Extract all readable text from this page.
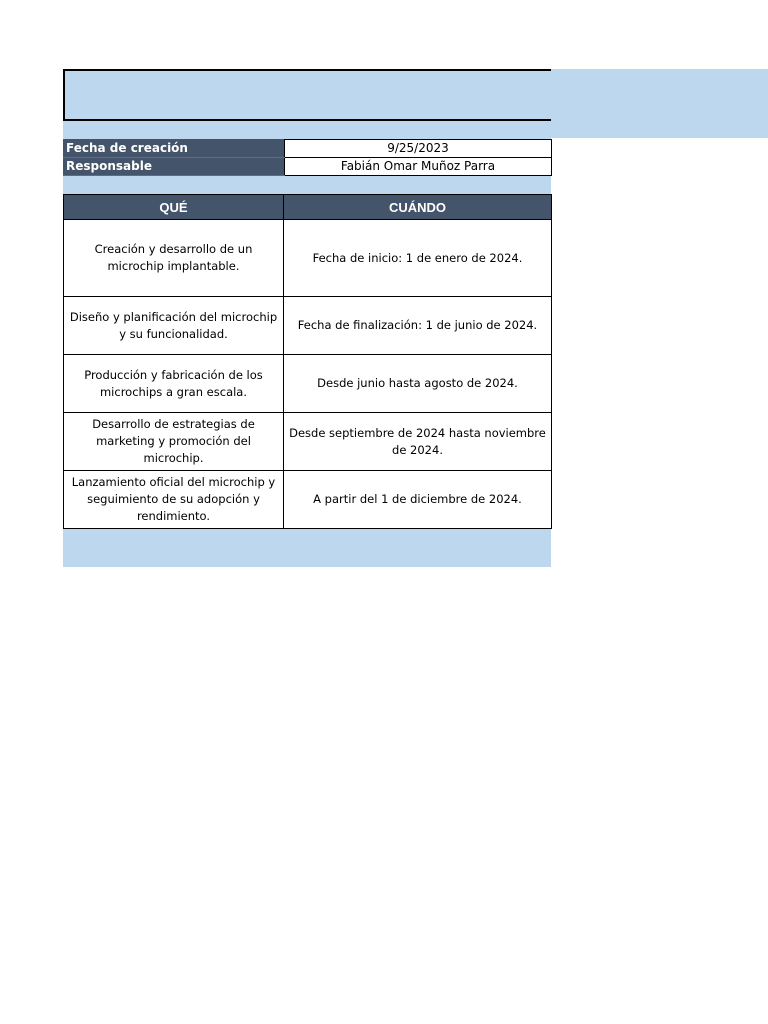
Fecha de creación	9/25/2023
Responsable	Fabián Omar Muñoz Parra
QUÉ	CUÁNDO
Creación y desarrollo de un microchip implantable.	Fecha de inicio: 1 de enero de 2024.
Diseño y planificación del microchip y su funcionalidad.	Fecha de finalización: 1 de junio de 2024.
Producción y fabricación de los microchips a gran escala.	Desde junio hasta agosto de 2024.
Desarrollo de estrategias de marketing y promoción del microchip.	Desde septiembre de 2024 hasta noviembre de 2024.
Lanzamiento oficial del microchip y seguimiento de su adopción y rendimiento.	A partir del 1 de diciembre de 2024.
